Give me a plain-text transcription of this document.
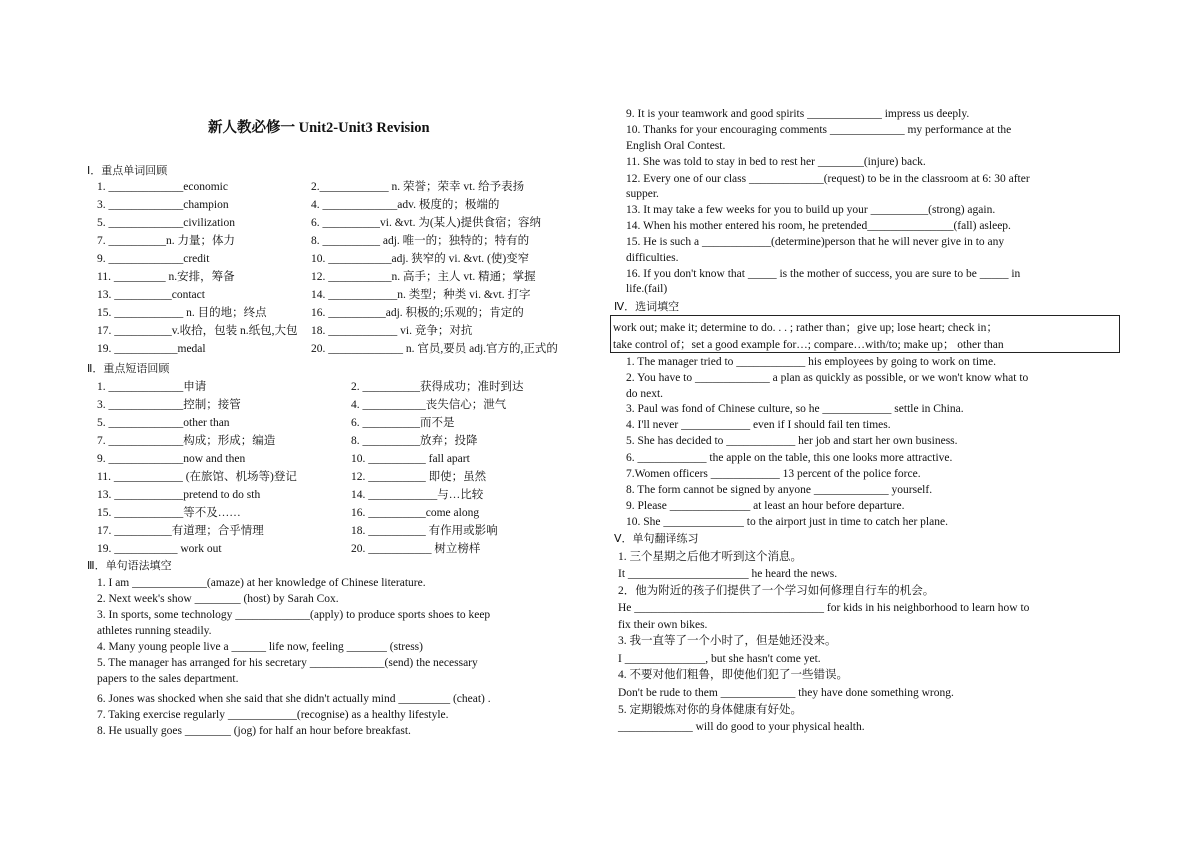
新人教必修一 Unit2-Unit3 Revision
Ⅰ．重点单词回顾
1. _____________economic
3. _____________champion
5. _____________civilization
7. __________n. 力量；体力
9. _____________credit
11. _________ n.安排，筹备
13. __________contact
15. ____________ n. 目的地；终点
17. __________v.收拾，包装 n.纸包,大包
19. ___________medal
2.____________ n. 荣誉；荣幸 vt. 给予表扬
4. _____________adv. 极度的；极端的
6. __________vi. &vt. 为(某人)提供食宿；容纳
8. __________ adj. 唯一的；独特的；特有的
10. ___________adj. 狭窄的 vi. &vt. (使)变窄
12. ___________n. 高手；主人 vt. 精通；掌握
14. ____________n. 类型；种类 vi. &vt. 打字
16. __________adj. 积极的;乐观的；肯定的
18. ____________ vi. 竞争；对抗
20. _____________ n. 官员,要员 adj.官方的,正式的
Ⅱ．重点短语回顾
1. _____________申请
3. _____________控制；接管
5. _____________other than
7. _____________构成；形成；编造
9. _____________now and then
11. ____________ (在旅馆、机场等)登记
13. ____________pretend to do sth
15. ____________等不及……
17. __________有道理；合乎情理
19. ___________ work out
2. __________获得成功；准时到达
4. ___________丧失信心；泄气
6. __________而不是
8. __________放弃；投降
10. __________ fall apart
12. __________ 即使；虽然
14. ____________与…比较
16. __________come along
18. __________ 有作用或影响
20. ___________ 树立榜样
Ⅲ．单句语法填空
1. I am _____________(amaze) at her knowledge of Chinese literature.
2. Next week's show ________ (host) by Sarah Cox.
3. In sports, some technology _____________(apply) to produce sports shoes to keep
athletes running steadily.
4. Many young people live a ______ life now, feeling _______ (stress)
5. The manager has arranged for his secretary _____________(send) the necessary
papers to the sales department.
6. Jones was shocked when she said that she didn't actually mind _________ (cheat) .
7. Taking exercise regularly ____________(recognise) as a healthy lifestyle.
8. He usually goes ________ (jog) for half an hour before breakfast.
9. It is your teamwork and good spirits _____________ impress us deeply.
10. Thanks for your encouraging comments _____________ my performance at the
English Oral Contest.
11. She was told to stay in bed to rest her ________(injure) back.
12. Every one of our class _____________(request) to be in the classroom at 6: 30 after
supper.
13. It may take a few weeks for you to build up your __________(strong) again.
14. When his mother entered his room, he pretended_______________(fall) asleep.
15. He is such a ____________(determine)person that he will never give in to any
difficulties.
16. If you don't know that _____ is the mother of success, you are sure to be _____ in
life.(fail)
Ⅳ．选词填空
work out; make it; determine to do. . . ; rather than；give up; lose heart; check in；
take control of；set a good example for…; compare…with/to; make up； other than
1. The manager tried to ____________ his employees by going to work on time.
2. You have to _____________ a plan as quickly as possible, or we won't know what to
do next.
3. Paul was fond of Chinese culture, so he ____________ settle in China.
4. I'll never ____________ even if I should fail ten times.
5. She has decided to ____________ her job and start her own business.
6. ____________ the apple on the table, this one looks more attractive.
7.Women officers ____________ 13 percent of the police force.
8. The form cannot be signed by anyone _____________ yourself.
9. Please ______________ at least an hour before departure.
10. She ______________ to the airport just in time to catch her plane.
Ⅴ．单句翻译练习
1. 三个星期之后他才听到这个消息。
It _____________________ he heard the news.
2．他为附近的孩子们提供了一个学习如何修理自行车的机会。
He _________________________________ for kids in his neighborhood to learn how to
fix their own bikes.
3. 我一直等了一个小时了，但是她还没来。
I ______________, but she hasn't come yet.
4. 不要对他们粗鲁，即使他们犯了一些错误。
Don't be rude to them _____________ they have done something wrong.
5. 定期锻炼对你的身体健康有好处。
_____________ will do good to your physical health.
